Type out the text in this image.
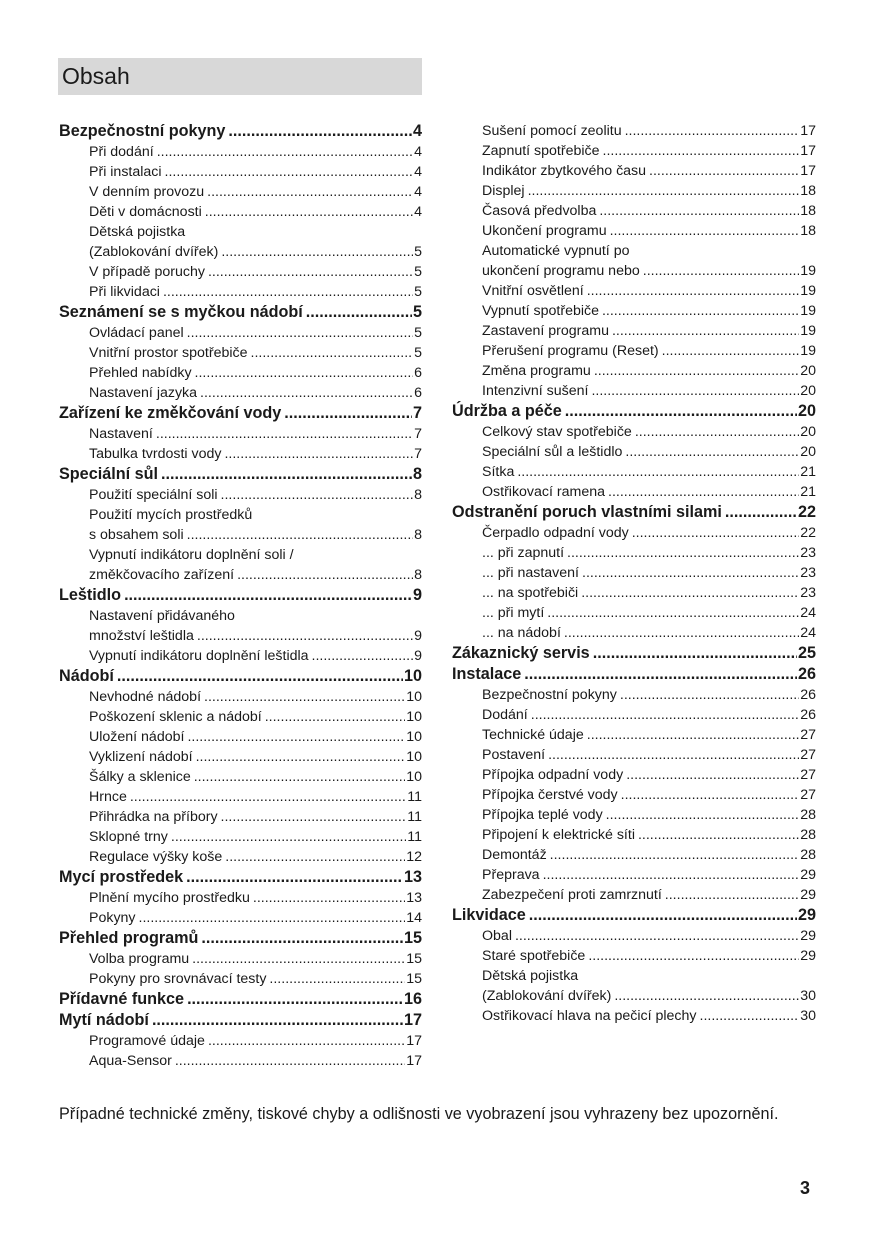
Obsah
Bezpečnostní pokyny .....	4
Při dodání .....	4
Při instalaci .....	4
V denním provozu .....	4
Děti v domácnosti .....	4
Dětská pojistka
(Zablokování dvířek) .....	5
V případě poruchy .....	5
Při likvidaci .....	5
Seznámení se s myčkou nádobí .....	5
Ovládací panel .....	5
Vnitřní prostor spotřebiče .....	5
Přehled nabídky .....	6
Nastavení jazyka .....	6
Zařízení ke změkčování vody .....	7
Nastavení .....	7
Tabulka tvrdosti vody .....	7
Speciální sůl .....	8
Použití speciální soli .....	8
Použití mycích prostředků
s obsahem soli .....	8
Vypnutí indikátoru doplnění soli /
změkčovacího zařízení .....	8
Leštidlo .....	9
Nastavení přidávaného
množství leštidla .....	9
Vypnutí indikátoru doplnění leštidla .....	9
Nádobí .....	10
Nevhodné nádobí .....	10
Poškození sklenic a nádobí .....	10
Uložení nádobí .....	10
Vyklizení nádobí .....	10
Šálky a sklenice .....	10
Hrnce .....	11
Přihrádka na příbory .....	11
Sklopné trny .....	11
Regulace výšky koše .....	12
Mycí prostředek .....	13
Plnění mycího prostředku .....	13
Pokyny .....	14
Přehled programů .....	15
Volba programu .....	15
Pokyny pro srovnávací testy .....	15
Přídavné funkce .....	16
Mytí nádobí .....	17
Programové údaje .....	17
Aqua-Sensor .....	17
Sušení pomocí zeolitu .....	17
Zapnutí spotřebiče .....	17
Indikátor zbytkového času .....	17
Displej .....	18
Časová předvolba .....	18
Ukončení programu .....	18
Automatické vypnutí po
ukončení programu nebo .....	19
Vnitřní osvětlení .....	19
Vypnutí spotřebiče .....	19
Zastavení programu .....	19
Přerušení programu (Reset) .....	19
Změna programu .....	20
Intenzivní sušení .....	20
Údržba a péče .....	20
Celkový stav spotřebiče .....	20
Speciální sůl a leštidlo .....	20
Sítka .....	21
Ostřikovací ramena .....	21
Odstranění poruch vlastními silami .....	22
Čerpadlo odpadní vody .....	22
... při zapnutí .....	23
... při nastavení .....	23
... na spotřebiči .....	23
... při mytí .....	24
... na nádobí .....	24
Zákaznický servis .....	25
Instalace .....	26
Bezpečnostní pokyny .....	26
Dodání .....	26
Technické údaje .....	27
Postavení .....	27
Přípojka odpadní vody .....	27
Přípojka čerstvé vody .....	27
Přípojka teplé vody .....	28
Připojení k elektrické síti .....	28
Demontáž .....	28
Přeprava .....	29
Zabezpečení proti zamrznutí .....	29
Likvidace .....	29
Obal .....	29
Staré spotřebiče .....	29
Dětská pojistka
(Zablokování dvířek) .....	30
Ostřikovací hlava na pečicí plechy .....	30
Případné technické změny, tiskové chyby a odlišnosti ve vyobrazení jsou vyhrazeny bez upozornění.
3
